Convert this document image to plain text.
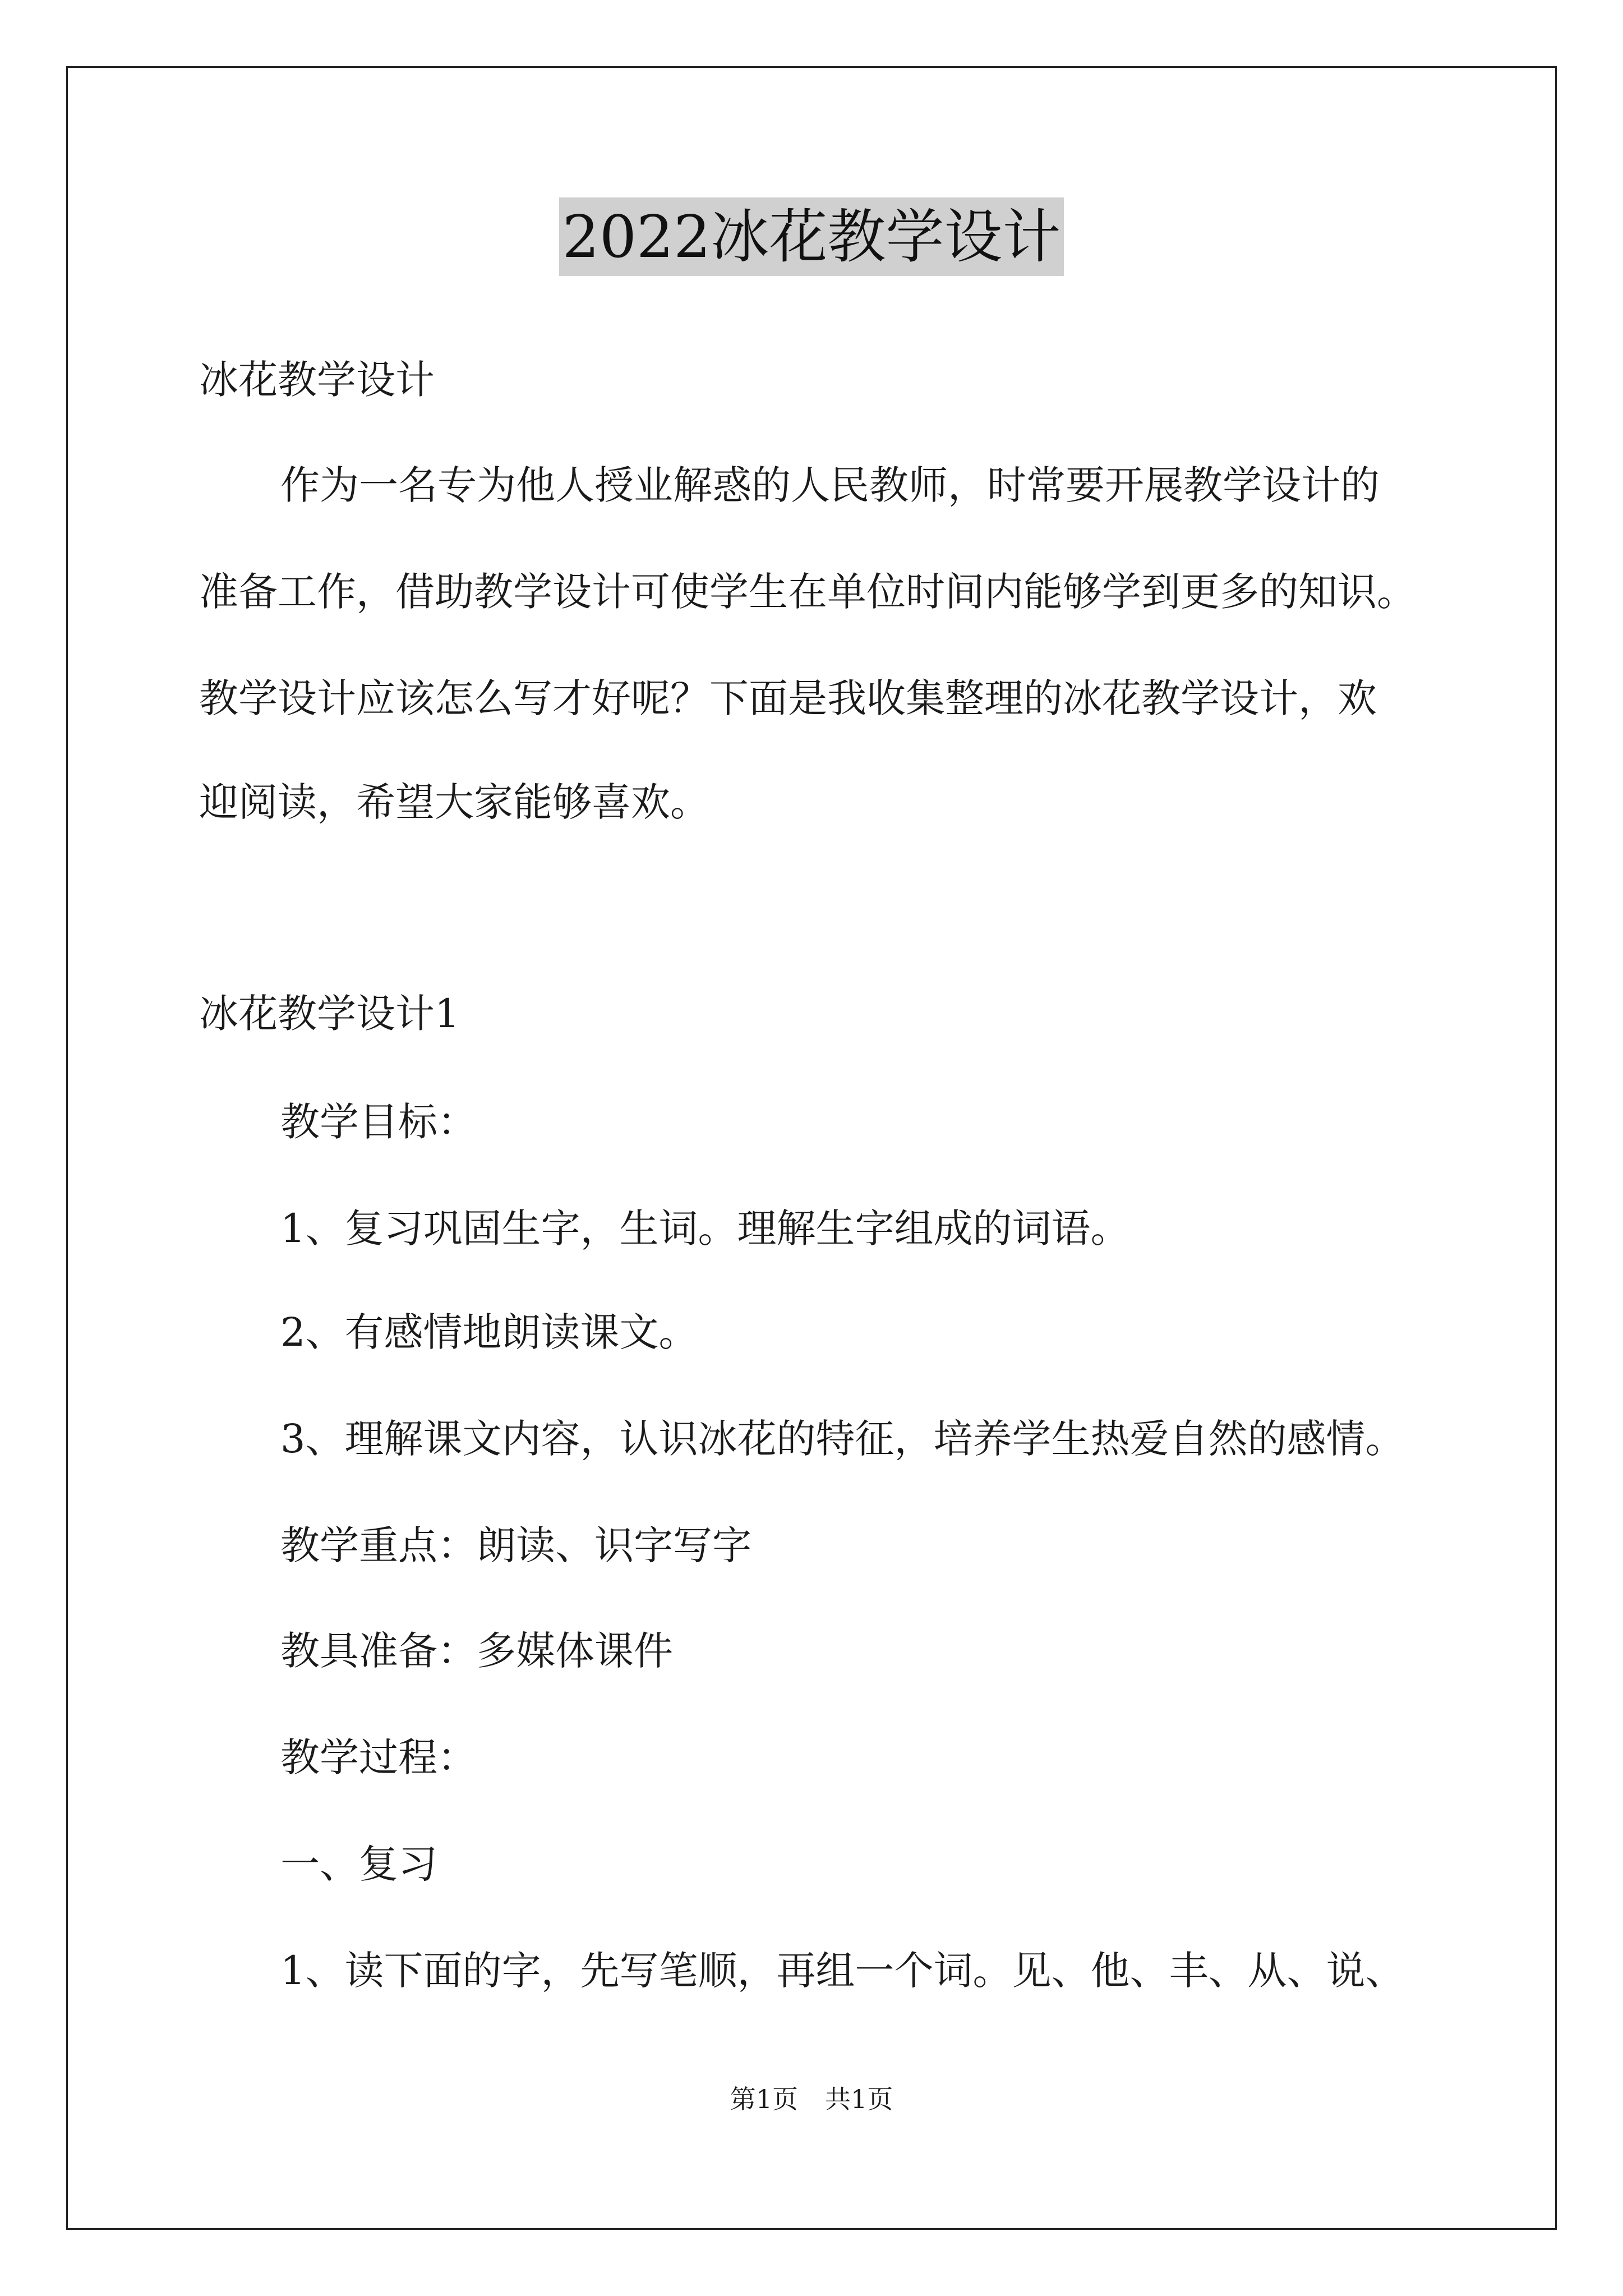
2022冰花教学设计
冰花教学设计
作为一名专为他人授业解惑的人民教师，时常要开展教学设计的
准备工作，借助教学设计可使学生在单位时间内能够学到更多的知识。
教学设计应该怎么写才好呢？下面是我收集整理的冰花教学设计，欢
迎阅读，希望大家能够喜欢。
冰花教学设计1
教学目标：
1、复习巩固生字，生词。理解生字组成的词语。
2、有感情地朗读课文。
3、理解课文内容，认识冰花的特征，培养学生热爱自然的感情。
教学重点：朗读、识字写字
教具准备：多媒体课件
教学过程：
一、复习
1、读下面的字，先写笔顺，再组一个词。见、他、丰、从、说、
第1页 共1页
